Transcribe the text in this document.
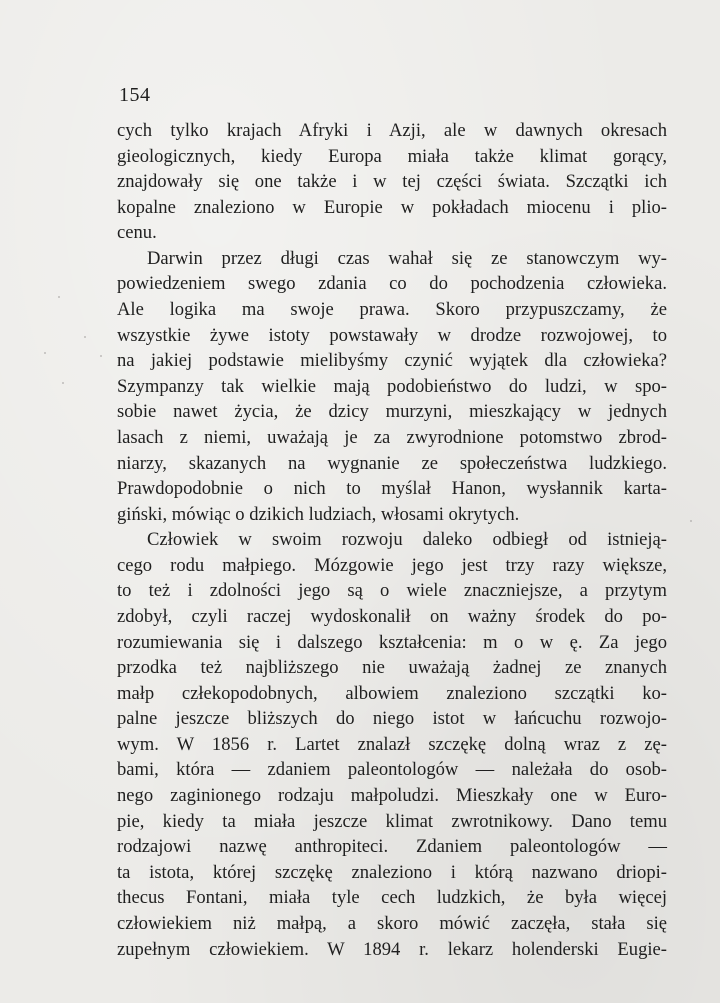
154
cych tylko krajach Afryki i Azji, ale w dawnych okresach
gieologicznych, kiedy Europa miała także klimat gorący,
znajdowały się one także i w tej części świata. Szczątki ich
kopalne znaleziono w Europie w pokładach miocenu i plio-
cenu.
Darwin przez długi czas wahał się ze stanowczym wy-
powiedzeniem swego zdania co do pochodzenia człowieka.
Ale logika ma swoje prawa. Skoro przypuszczamy, że
wszystkie żywe istoty powstawały w drodze rozwojowej, to
na jakiej podstawie mielibyśmy czynić wyjątek dla człowieka?
Szympanzy tak wielkie mają podobieństwo do ludzi, w spo-
sobie nawet życia, że dzicy murzyni, mieszkający w jednych
lasach z niemi, uważają je za zwyrodnione potomstwo zbrod-
niarzy, skazanych na wygnanie ze społeczeństwa ludzkiego.
Prawdopodobnie o nich to myślał Hanon, wysłannik karta-
giński, mówiąc o dzikich ludziach, włosami okrytych.
Człowiek w swoim rozwoju daleko odbiegł od istnieją-
cego rodu małpiego. Mózgowie jego jest trzy razy większe,
to też i zdolności jego są o wiele znaczniejsze, a przytym
zdobył, czyli raczej wydoskonalił on ważny środek do po-
rozumiewania się i dalszego kształcenia: m o w ę. Za jego
przodka też najbliższego nie uważają żadnej ze znanych
małp człekopodobnych, albowiem znaleziono szczątki ko-
palne jeszcze bliższych do niego istot w łańcuchu rozwojo-
wym. W 1856 r. Lartet znalazł szczękę dolną wraz z zę-
bami, która — zdaniem paleontologów — należała do osob-
nego zaginionego rodzaju małpoludzi. Mieszkały one w Euro-
pie, kiedy ta miała jeszcze klimat zwrotnikowy. Dano temu
rodzajowi nazwę anthropiteci. Zdaniem paleontologów —
ta istota, której szczękę znaleziono i którą nazwano driopi-
thecus Fontani, miała tyle cech ludzkich, że była więcej
człowiekiem niż małpą, a skoro mówić zaczęła, stała się
zupełnym człowiekiem. W 1894 r. lekarz holenderski Eugie-
